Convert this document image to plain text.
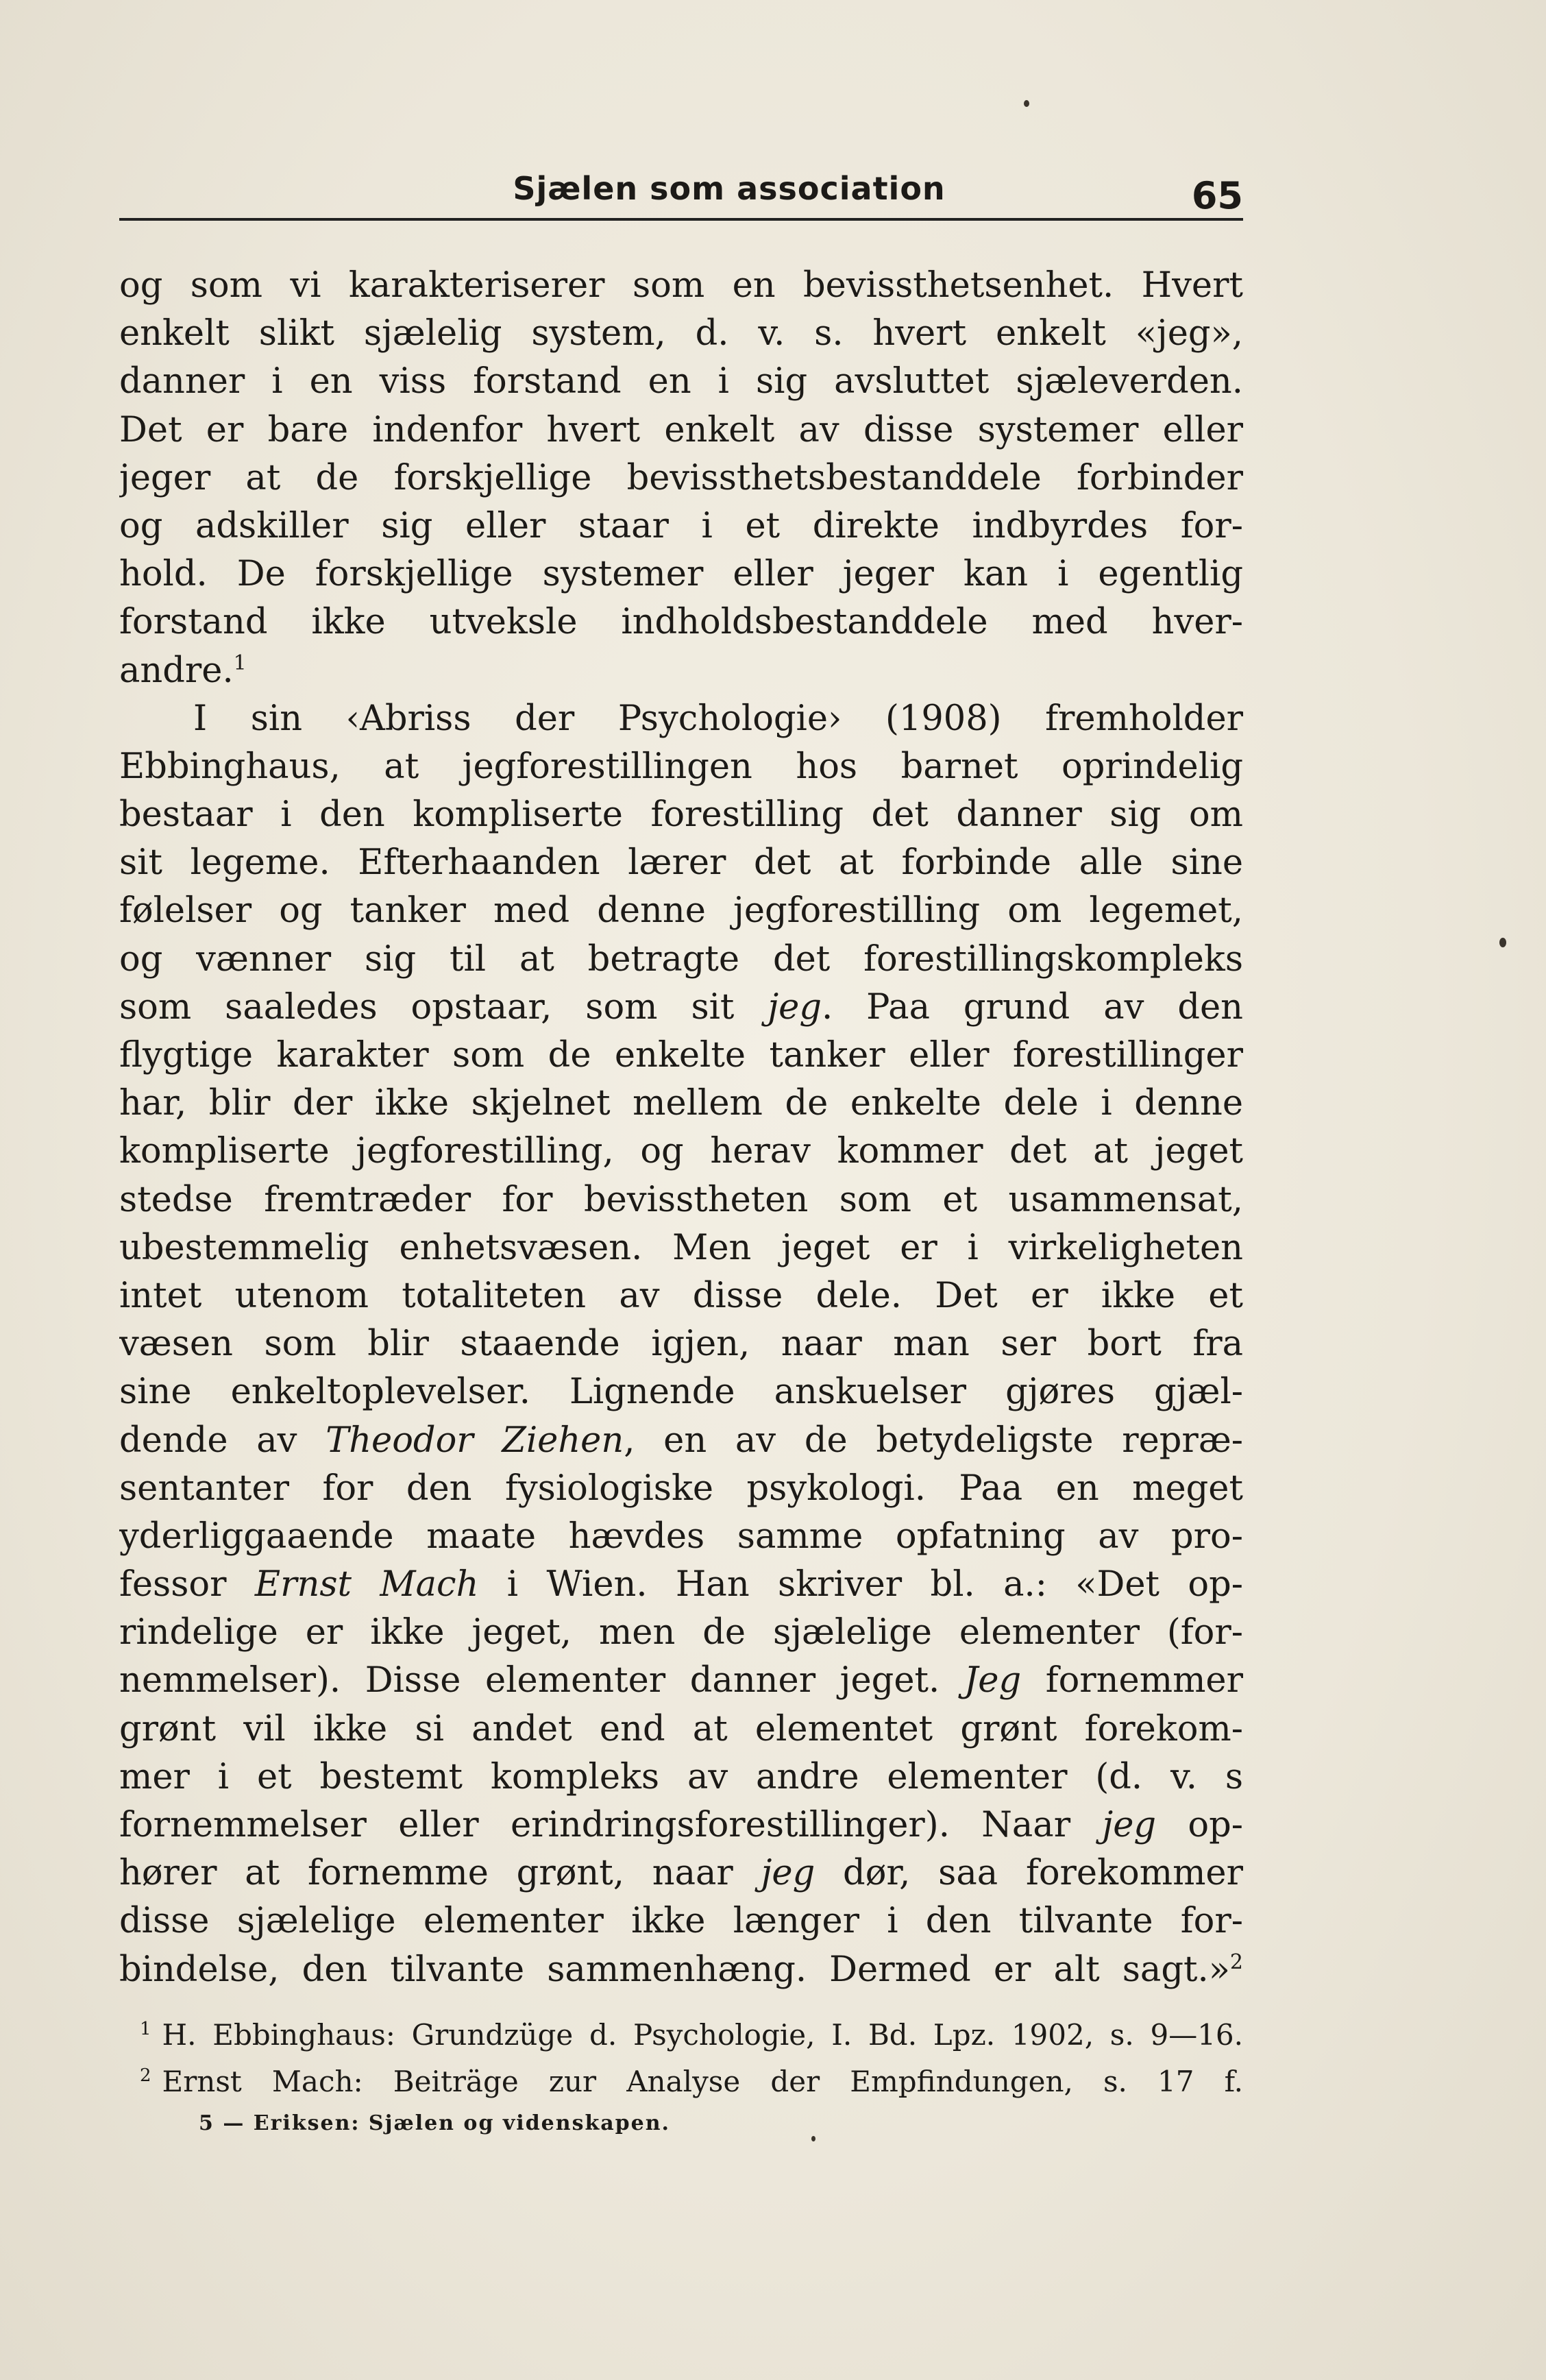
Sjælen som association	65
og som vi karakteriserer som en bevissthetsenhet. Hvert
enkelt slikt sjælelig system, d. v. s. hvert enkelt «jeg»,
danner i en viss forstand en i sig avsluttet sjæleverden.
Det er bare indenfor hvert enkelt av disse systemer eller
jeger at de forskjellige bevissthetsbestanddele forbinder
og adskiller sig eller staar i et direkte indbyrdes for-
hold. De forskjellige systemer eller jeger kan i egentlig
forstand ikke utveksle indholdsbestanddele med hver-
andre.$^1$
I sin ‹Abriss der Psychologie› (1908) fremholder
Ebbinghaus, at jegforestillingen hos barnet oprindelig
bestaar i den kompliserte forestilling det danner sig om
sit legeme. Efterhaanden lærer det at forbinde alle sine
følelser og tanker med denne jegforestilling om legemet,
og vænner sig til at betragte det forestillingskompleks
som saaledes opstaar, som sit jeg. Paa grund av den
flygtige karakter som de enkelte tanker eller forestillinger
har, blir der ikke skjelnet mellem de enkelte dele i denne
kompliserte jegforestilling, og herav kommer det at jeget
stedse fremtræder for bevisstheten som et usammensat,
ubestemmelig enhetsvæsen. Men jeget er i virkeligheten
intet utenom totaliteten av disse dele. Det er ikke et
væsen som blir staaende igjen, naar man ser bort fra
sine enkeltoplevelser. Lignende anskuelser gjøres gjæl-
dende av Theodor Ziehen, en av de betydeligste repræ-
sentanter for den fysiologiske psykologi. Paa en meget
yderliggaaende maate hævdes samme opfatning av pro-
fessor Ernst Mach i Wien. Han skriver bl. a.: «Det op-
rindelige er ikke jeget, men de sjælelige elementer (for-
nemmelser). Disse elementer danner jeget. Jeg fornemmer
grønt vil ikke si andet end at elementet grønt forekom-
mer i et bestemt kompleks av andre elementer (d. v. s
fornemmelser eller erindringsforestillinger). Naar jeg op-
hører at fornemme grønt, naar jeg dør, saa forekommer
disse sjælelige elementer ikke længer i den tilvante for-
bindelse, den tilvante sammenhæng. Dermed er alt sagt.»$^2$
$^1$ H. Ebbinghaus: Grundzüge d. Psychologie, I. Bd. Lpz. 1902, s. 9—16.
$^2$ Ernst Mach: Beiträge zur Analyse der Empfindungen, s. 17 f.
5 — Eriksen: Sjælen og videnskapen.
